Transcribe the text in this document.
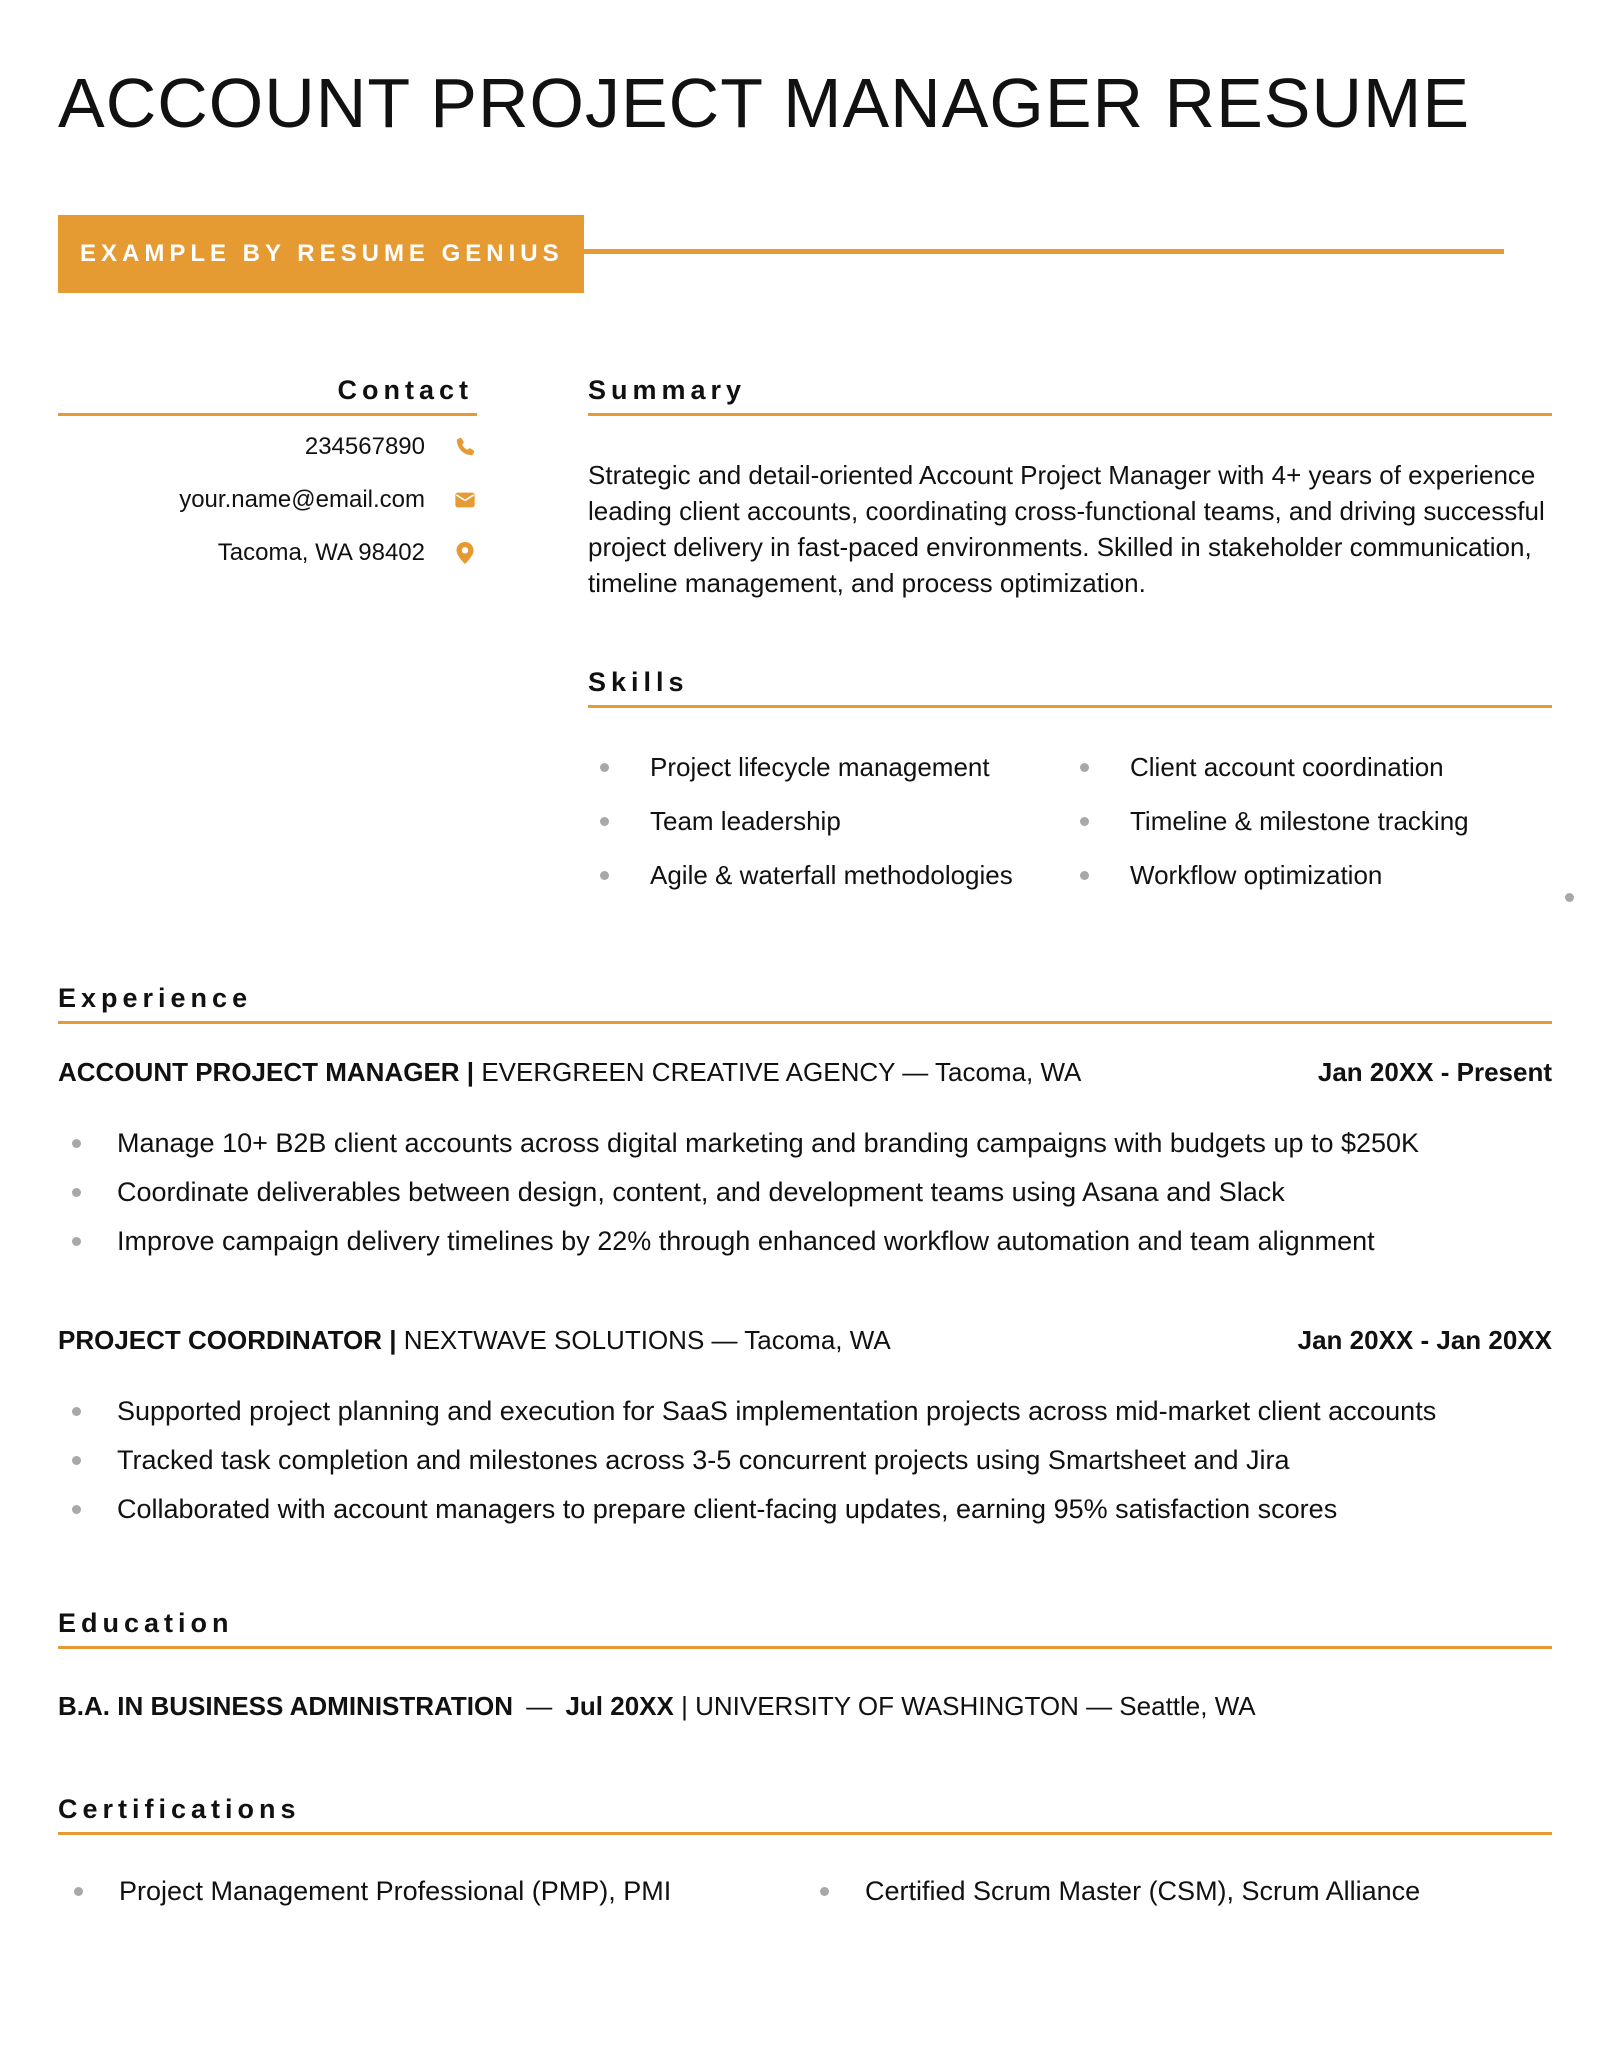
ACCOUNT PROJECT MANAGER RESUME
EXAMPLE BY RESUME GENIUS
Contact
234567890
your.name@email.com
Tacoma, WA 98402
Summary

Strategic and detail-oriented Account Project Manager with 4+ years of experience leading client accounts, coordinating cross-functional teams, and driving successful project delivery in fast-paced environments. Skilled in stakeholder communication, timeline management, and process optimization.

Skills
Project lifecycle management	Client account coordination
Team leadership	Timeline & milestone tracking
Agile & waterfall methodologies	Workflow optimization
Experience
ACCOUNT PROJECT MANAGER | EVERGREEN CREATIVE AGENCY — Tacoma, WA	Jan 20XX - Present
Manage 10+ B2B client accounts across digital marketing and branding campaigns with budgets up to $250K
Coordinate deliverables between design, content, and development teams using Asana and Slack
Improve campaign delivery timelines by 22% through enhanced workflow automation and team alignment
PROJECT COORDINATOR | NEXTWAVE SOLUTIONS — Tacoma, WA	Jan 20XX - Jan 20XX
Supported project planning and execution for SaaS implementation projects across mid-market client accounts
Tracked task completion and milestones across 3-5 concurrent projects using Smartsheet and Jira
Collaborated with account managers to prepare client-facing updates, earning 95% satisfaction scores
Education
B.A. IN BUSINESS ADMINISTRATION — Jul 20XX | UNIVERSITY OF WASHINGTON — Seattle, WA
Certifications
Project Management Professional (PMP), PMI	Certified Scrum Master (CSM), Scrum Alliance
